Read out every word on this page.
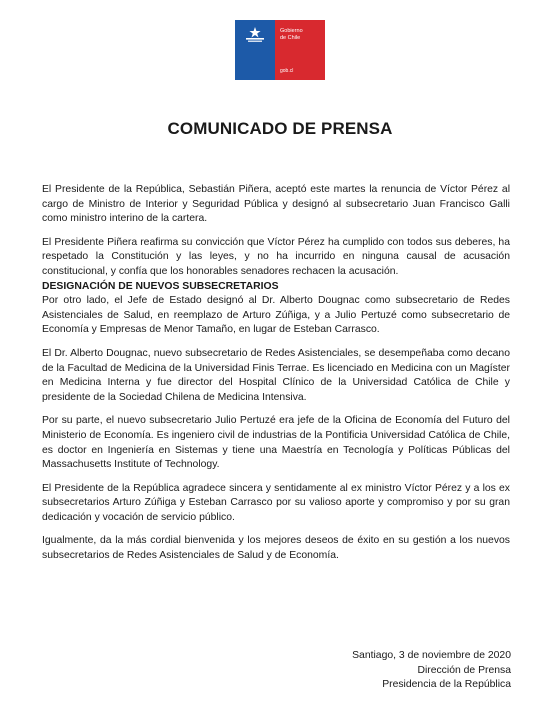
Gobierno
de Chile
gob.cl
COMUNICADO DE PRENSA

El Presidente de la República, Sebastián Piñera, aceptó este martes la renuncia de Víctor Pérez al cargo de Ministro de Interior y Seguridad Pública y designó al subsecretario Juan Francisco Galli como ministro interino de la cartera.

El Presidente Piñera reafirma su convicción que Víctor Pérez ha cumplido con todos sus deberes, ha respetado la Constitución y las leyes, y no ha incurrido en ninguna causal de acusación constitucional, y confía que los honorables senadores rechacen la acusación.

DESIGNACIÓN DE NUEVOS SUBSECRETARIOS

Por otro lado, el Jefe de Estado designó al Dr. Alberto Dougnac como subsecretario de Redes Asistenciales de Salud, en reemplazo de Arturo Zúñiga, y a Julio Pertuzé como subsecretario de Economía y Empresas de Menor Tamaño, en lugar de Esteban Carrasco.

El Dr. Alberto Dougnac, nuevo subsecretario de Redes Asistenciales, se desempeñaba como decano de la Facultad de Medicina de la Universidad Finis Terrae. Es licenciado en Medicina con un Magíster en Medicina Interna y fue director del Hospital Clínico de la Universidad Católica de Chile y presidente de la Sociedad Chilena de Medicina Intensiva.

Por su parte, el nuevo subsecretario Julio Pertuzé era jefe de la Oficina de Economía del Futuro del Ministerio de Economía. Es ingeniero civil de industrias de la Pontificia Universidad Católica de Chile, es doctor en Ingeniería en Sistemas y tiene una Maestría en Tecnología y Políticas Públicas del Massachusetts Institute of Technology.

El Presidente de la República agradece sincera y sentidamente al ex ministro Víctor Pérez y a los ex subsecretarios Arturo Zúñiga y Esteban Carrasco por su valioso aporte y compromiso y por su gran dedicación y vocación de servicio público.

Igualmente, da la más cordial bienvenida y los mejores deseos de éxito en su gestión a los nuevos subsecretarios de Redes Asistenciales de Salud y de Economía.

Santiago, 3 de noviembre de 2020
Dirección de Prensa
Presidencia de la República
